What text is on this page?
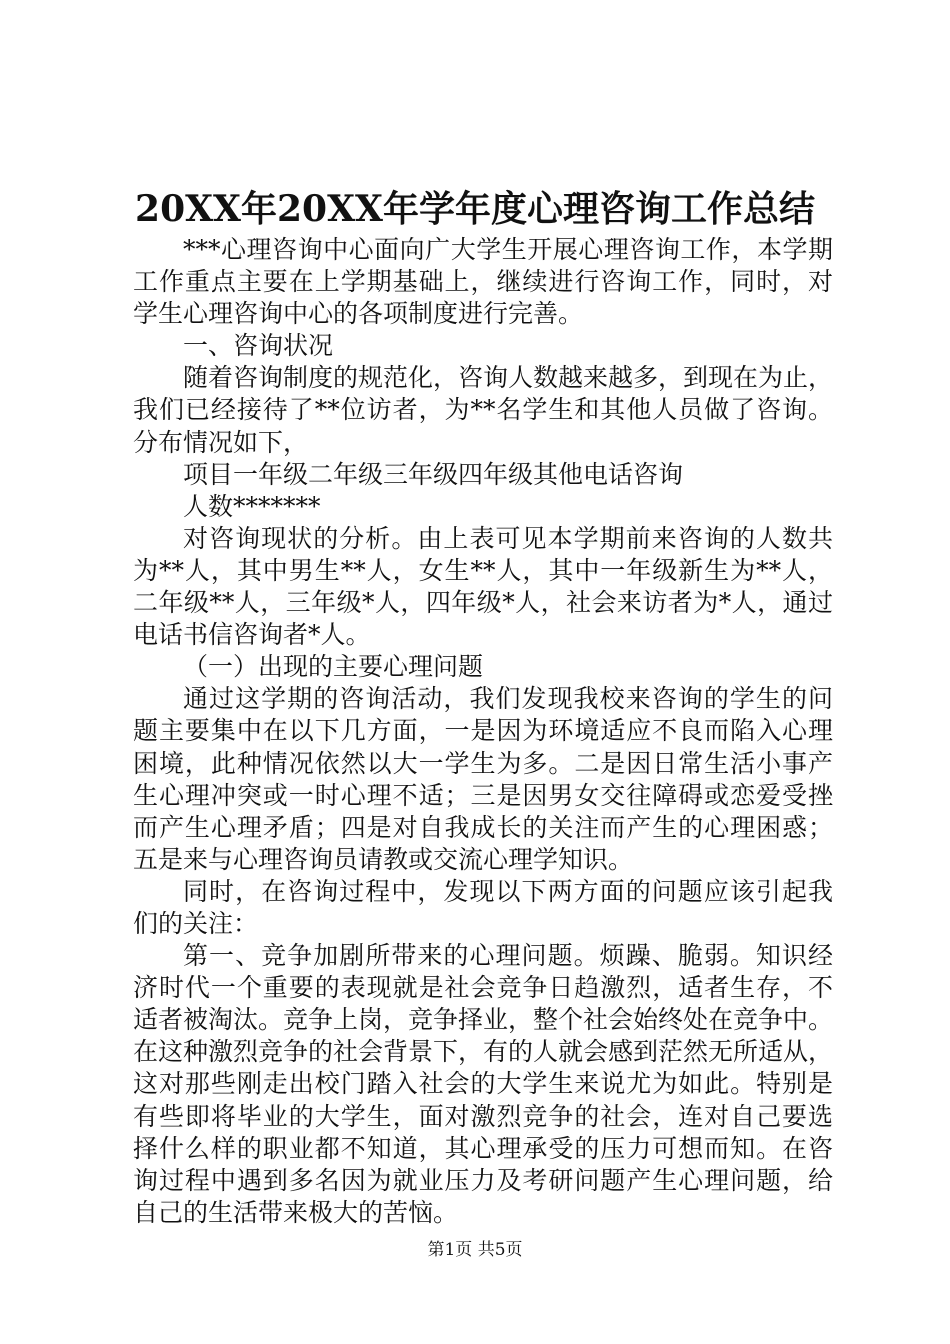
20XX年20XX年学年度心理咨询工作总结
***心理咨询中心面向广大学生开展心理咨询工作，本学期
工作重点主要在上学期基础上，继续进行咨询工作，同时，对
学生心理咨询中心的各项制度进行完善。
一、咨询状况
随着咨询制度的规范化，咨询人数越来越多，到现在为止，
我们已经接待了**位访者，为**名学生和其他人员做了咨询。
分布情况如下，
项目一年级二年级三年级四年级其他电话咨询
人数*******
对咨询现状的分析。由上表可见本学期前来咨询的人数共
为**人，其中男生**人，女生**人，其中一年级新生为**人，
二年级**人，三年级*人，四年级*人，社会来访者为*人，通过
电话书信咨询者*人。
（一）出现的主要心理问题
通过这学期的咨询活动，我们发现我校来咨询的学生的问
题主要集中在以下几方面，一是因为环境适应不良而陷入心理
困境，此种情况依然以大一学生为多。二是因日常生活小事产
生心理冲突或一时心理不适；三是因男女交往障碍或恋爱受挫
而产生心理矛盾；四是对自我成长的关注而产生的心理困惑；
五是来与心理咨询员请教或交流心理学知识。
同时，在咨询过程中，发现以下两方面的问题应该引起我
们的关注：
第一、竞争加剧所带来的心理问题。烦躁、脆弱。知识经
济时代一个重要的表现就是社会竞争日趋激烈，适者生存，不
适者被淘汰。竞争上岗，竞争择业，整个社会始终处在竞争中。
在这种激烈竞争的社会背景下，有的人就会感到茫然无所适从，
这对那些刚走出校门踏入社会的大学生来说尤为如此。特别是
有些即将毕业的大学生，面对激烈竞争的社会，连对自己要选
择什么样的职业都不知道，其心理承受的压力可想而知。在咨
询过程中遇到多名因为就业压力及考研问题产生心理问题，给
自己的生活带来极大的苦恼。
第1页 共5页
